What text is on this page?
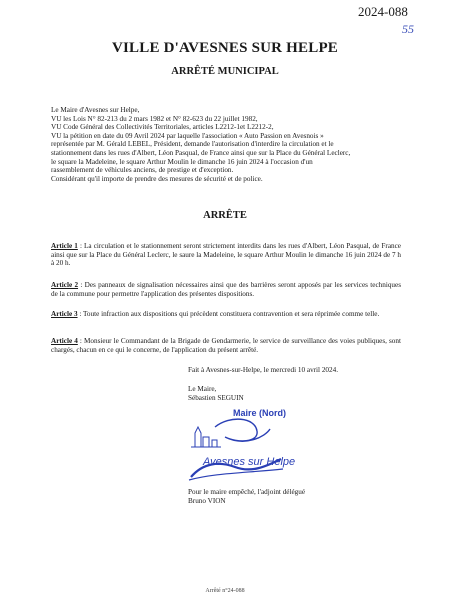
2024-088
55
VILLE D'AVESNES SUR HELPE
ARRÊTÉ MUNICIPAL
Le Maire d'Avesnes sur Helpe,
VU les Lois N° 82-213 du 2 mars 1982 et N° 82-623 du 22 juillet 1982,
VU Code Général des Collectivités Territoriales, articles L2212-1et L2212-2,
VU la pétition en date du 09 Avril 2024 par laquelle l'association « Auto Passion en Avesnois »
représentée par M. Gérald LEBEL, Président, demande l'autorisation d'interdire la circulation et le
stationnement dans les rues d'Albert, Léon Pasqual, de France ainsi que sur la Place du Général Leclerc,
le square la Madeleine, le square Arthur Moulin le dimanche 16 juin 2024 à l'occasion d'un
rassemblement de véhicules anciens, de prestige et d'exception.
Considérant qu'il importe de prendre des mesures de sécurité et de police.
ARRÊTE
Article 1 : La circulation et le stationnement seront strictement interdits dans les rues d'Albert, Léon Pasqual, de France ainsi que sur la Place du Général Leclerc, le saure la Madeleine, le square Arthur Moulin le dimanche 16 juin 2024 de 7 h à 20 h.
Article 2 : Des panneaux de signalisation nécessaires ainsi que des barrières seront apposés par les services techniques de la commune pour permettre l'application des présentes dispositions.
Article 3 : Toute infraction aux dispositions qui précèdent constituera contravention et sera réprimée comme telle.
Article 4 : Monsieur le Commandant de la Brigade de Gendarmerie, le service de surveillance des voies publiques, sont chargés, chacun en ce qui le concerne, de l'application du présent arrêté.
Fait à Avesnes-sur-Helpe, le mercredi 10 avril 2024.
Le Maire,
Sébastien SEGUIN
Maire (Nord)
Avesnes sur Helpe
Pour le maire empêché, l'adjoint délégué
Bruno VION
Arrêté n°24-088
